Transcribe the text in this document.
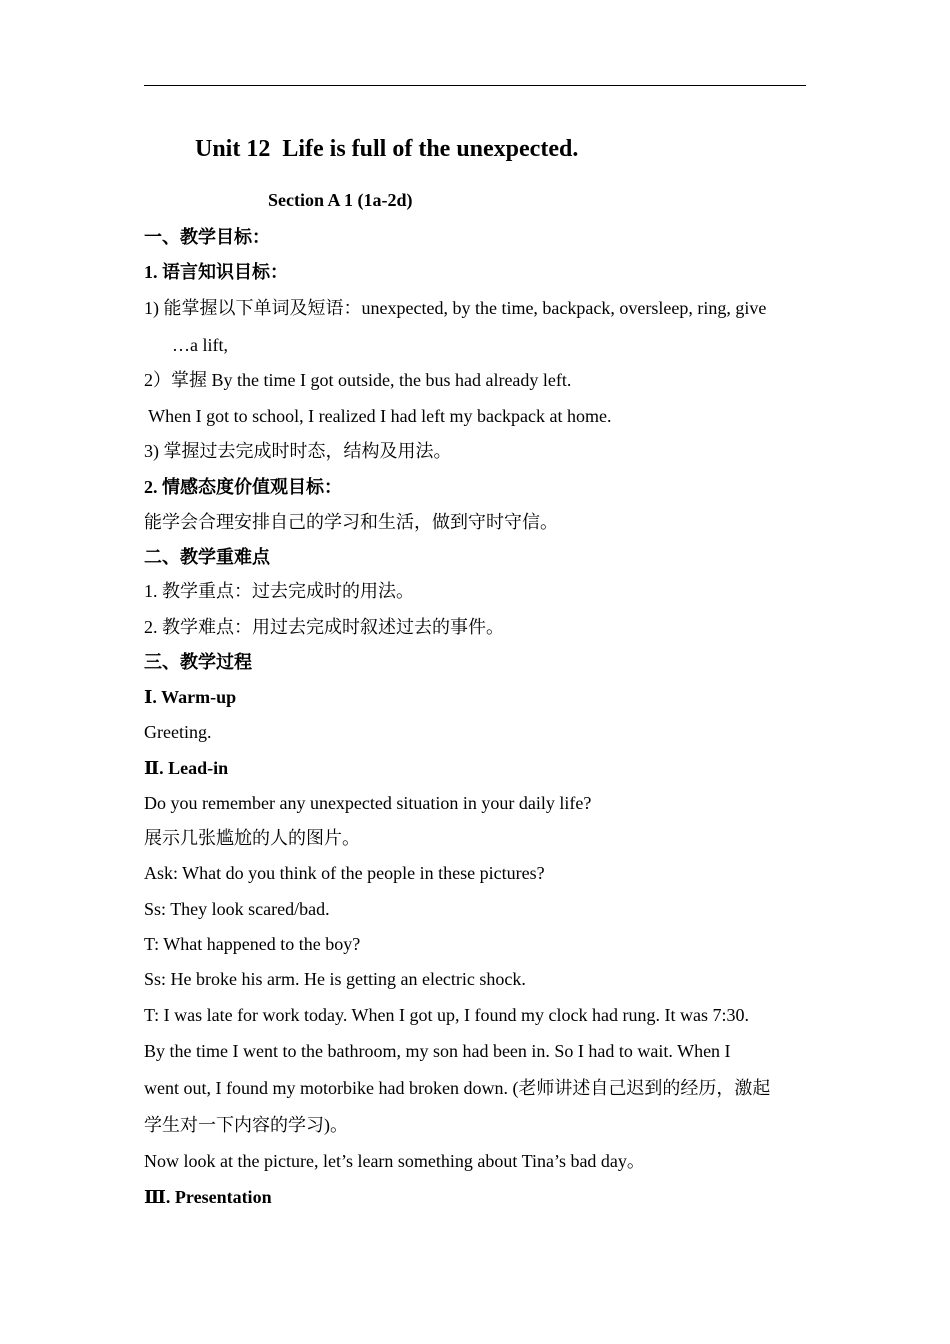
Unit 12  Life is full of the unexpected.
Section A 1 (1a-2d)
一、教学目标：
1. 语言知识目标：
1) 能掌握以下单词及短语：unexpected, by the time, backpack, oversleep, ring, give
…a lift,
2）掌握 By the time I got outside, the bus had already left.
When I got to school, I realized I had left my backpack at home.
3) 掌握过去完成时时态，结构及用法。
2. 情感态度价值观目标：
能学会合理安排自己的学习和生活，做到守时守信。
二、教学重难点
1. 教学重点：过去完成时的用法。
2. 教学难点：用过去完成时叙述过去的事件。
三、教学过程
Ⅰ. Warm-up
Greeting.
Ⅱ. Lead-in
Do you remember any unexpected situation in your daily life?
展示几张尴尬的人的图片。
Ask: What do you think of the people in these pictures?
Ss: They look scared/bad.
T: What happened to the boy?
Ss: He broke his arm. He is getting an electric shock.
T: I was late for work today. When I got up, I found my clock had rung. It was 7:30.
By the time I went to the bathroom, my son had been in. So I had to wait. When I
went out, I found my motorbike had broken down. (老师讲述自己迟到的经历，激起
学生对一下内容的学习)。
Now look at the picture, let’s learn something about Tina’s bad day。
Ⅲ. Presentation
